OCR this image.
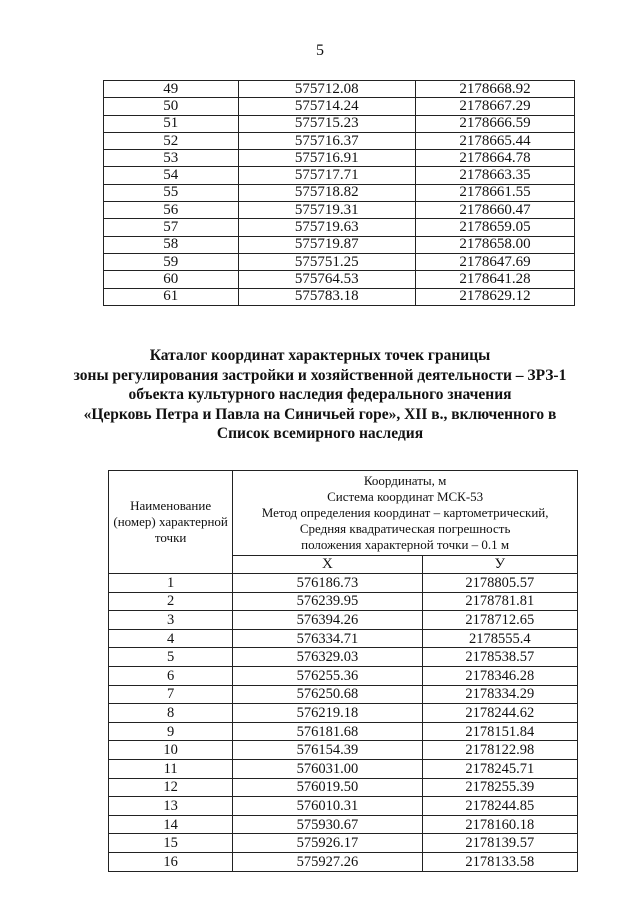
5
49	575712.08	2178668.92
50	575714.24	2178667.29
51	575715.23	2178666.59
52	575716.37	2178665.44
53	575716.91	2178664.78
54	575717.71	2178663.35
55	575718.82	2178661.55
56	575719.31	2178660.47
57	575719.63	2178659.05
58	575719.87	2178658.00
59	575751.25	2178647.69
60	575764.53	2178641.28
61	575783.18	2178629.12
Каталог координат характерных точек границы
зоны регулирования застройки и хозяйственной деятельности – ЗРЗ-1
объекта культурного наследия федерального значения
«Церковь Петра и Павла на Синичьей горе», XII в., включенного в
Список всемирного наследия
Наименование (номер) характерной точки	Координаты, м
Система координат МСК-53
Метод определения координат – картометрический,
Средняя квадратическая погрешность
положения характерной точки – 0.1 м	

	X	У
1	576186.73	2178805.57
2	576239.95	2178781.81
3	576394.26	2178712.65
4	576334.71	2178555.4
5	576329.03	2178538.57
6	576255.36	2178346.28
7	576250.68	2178334.29
8	576219.18	2178244.62
9	576181.68	2178151.84
10	576154.39	2178122.98
11	576031.00	2178245.71
12	576019.50	2178255.39
13	576010.31	2178244.85
14	575930.67	2178160.18
15	575926.17	2178139.57
16	575927.26	2178133.58
